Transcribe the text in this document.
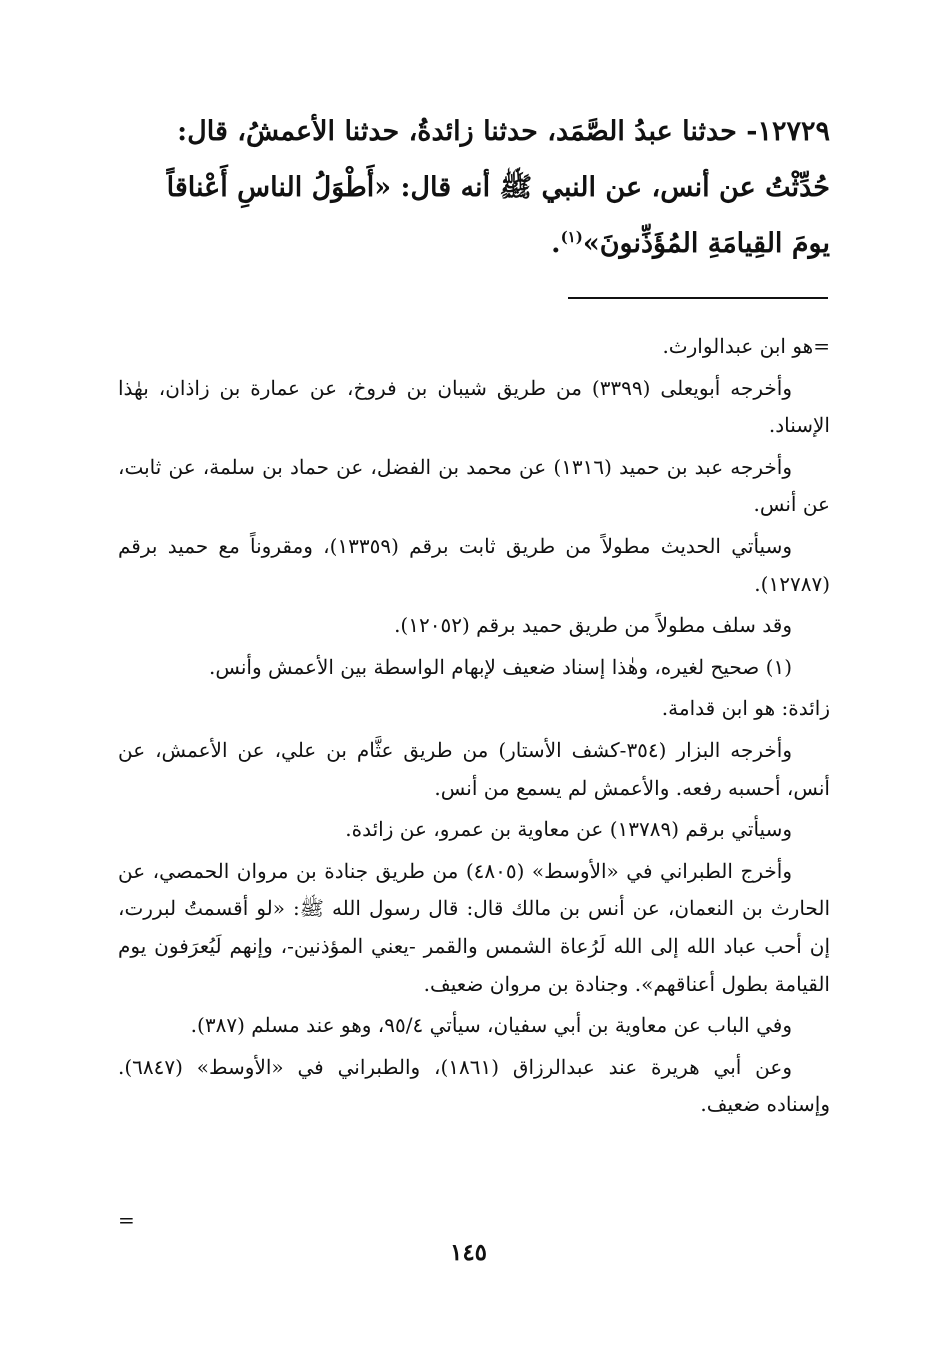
١٢٧٢٩- حدثنا عبدُ الصَّمَد، حدثنا زائدةُ، حدثنا الأعمشُ، قال:
حُدِّثْتُ عن أنس، عن النبي ﷺ أنه قال: «أَطْوَلُ الناسِ أَعْناقاً
يومَ القِيامَةِ المُؤَذِّنونَ»$^{(١)}$.

=هو ابن عبدالوارث.

وأخرجه أبويعلى (٣٣٩٩) من طريق شيبان بن فروخ، عن عمارة بن زاذان، بهٰذا الإسناد.

وأخرجه عبد بن حميد (١٣١٦) عن محمد بن الفضل، عن حماد بن سلمة، عن ثابت، عن أنس.

وسيأتي الحديث مطولاً من طريق ثابت برقم (١٣٣٥٩)، ومقروناً مع حميد برقم (١٢٧٨٧).

وقد سلف مطولاً من طريق حميد برقم (١٢٠٥٢).

(١) صحيح لغيره، وهٰذا إسناد ضعيف لإبهام الواسطة بين الأعمش وأنس.

زائدة: هو ابن قدامة.

وأخرجه البزار (٣٥٤-كشف الأستار) من طريق عثَّام بن علي، عن الأعمش، عن أنس، أحسبه رفعه. والأعمش لم يسمع من أنس.

وسيأتي برقم (١٣٧٨٩) عن معاوية بن عمرو، عن زائدة.

وأخرج الطبراني في «الأوسط» (٤٨٠٥) من طريق جنادة بن مروان الحمصي، عن الحارث بن النعمان، عن أنس بن مالك قال: قال رسول الله ﷺ: «لو أقسمتُ لبررت، إن أحب عباد الله إلى الله لَرُعاة الشمس والقمر -يعني المؤذنين-، وإنهم لَيُعرَفون يوم القيامة بطول أعناقهم». وجنادة بن مروان ضعيف.

وفي الباب عن معاوية بن أبي سفيان، سيأتي ٩٥/٤، وهو عند مسلم (٣٨٧).

وعن أبي هريرة عند عبدالرزاق (١٨٦١)، والطبراني في «الأوسط» (٦٨٤٧). وإسناده ضعيف.

=
١٤٥
